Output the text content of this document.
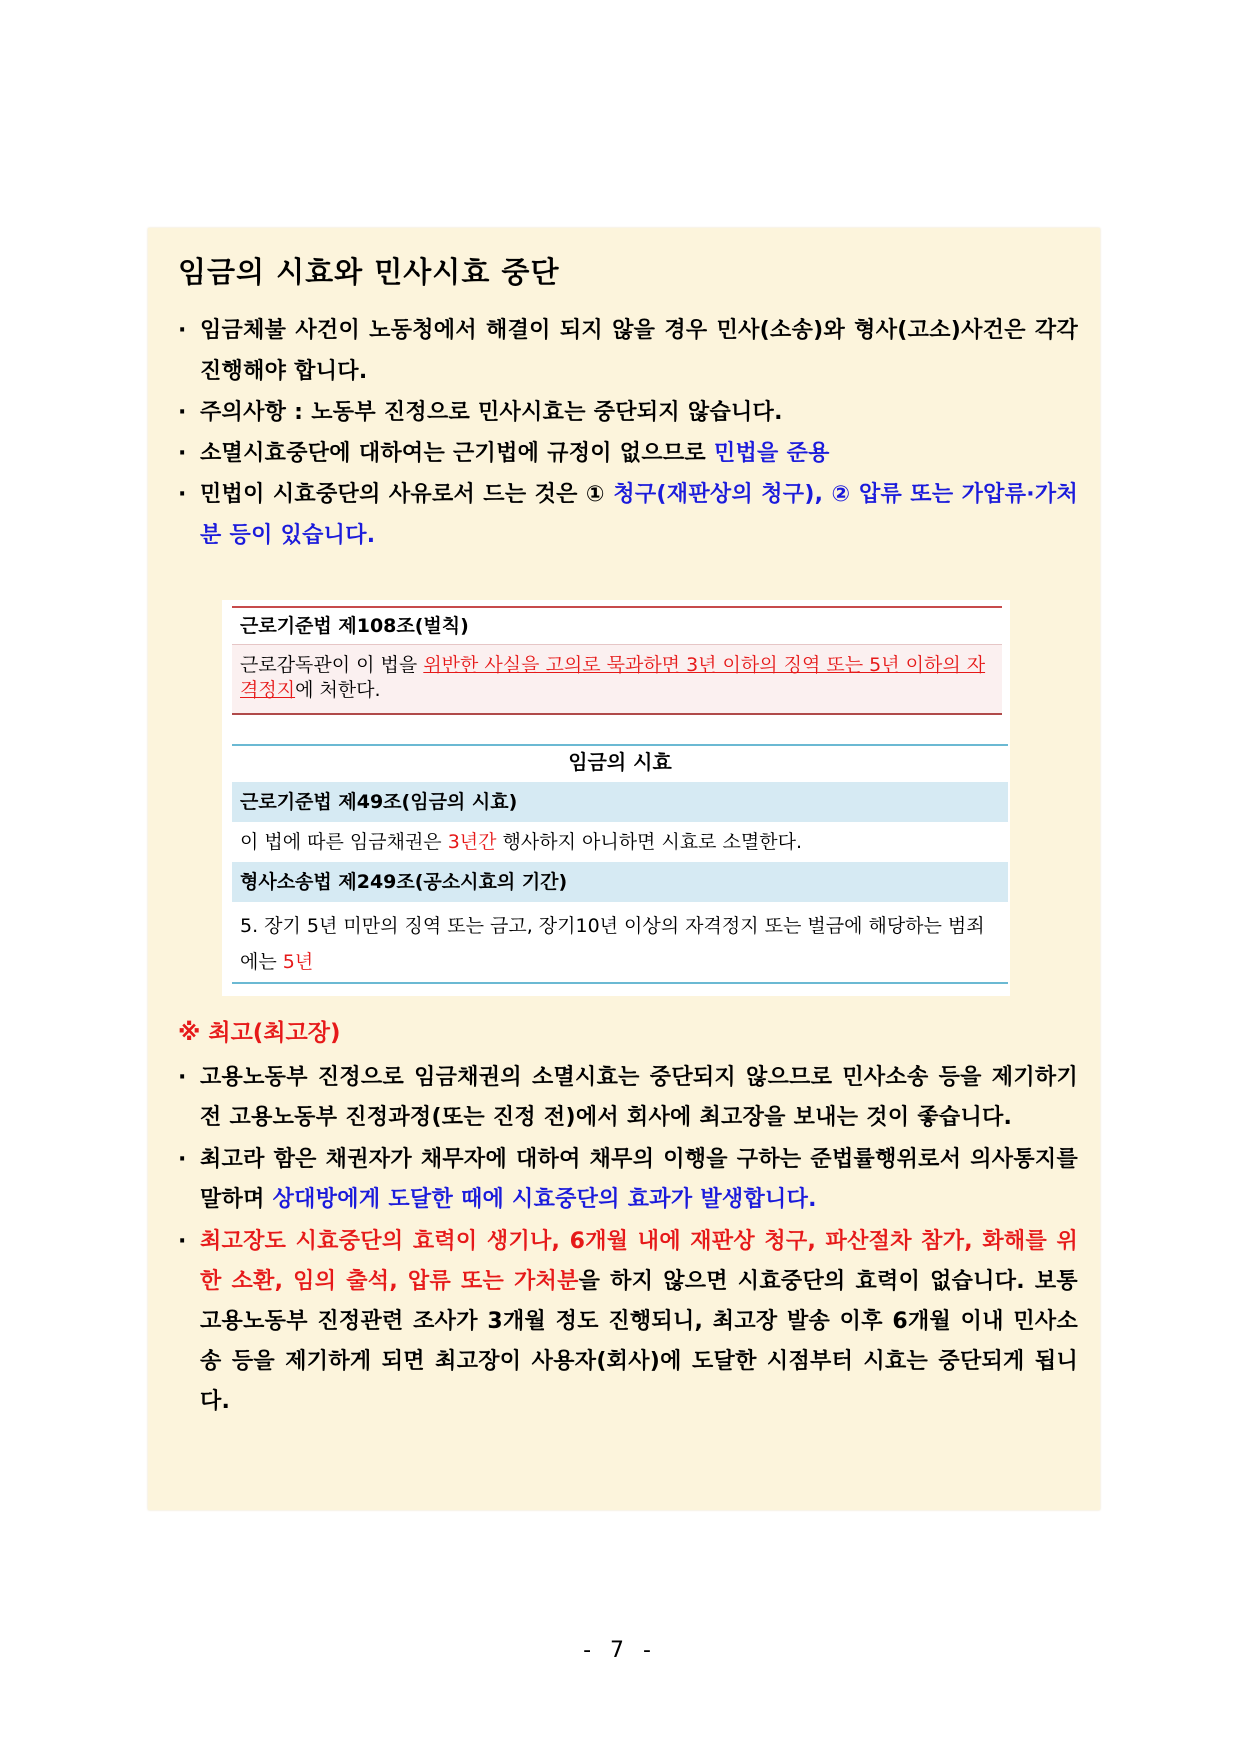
임금의 시효와 민사시효 중단
· 임금체불 사건이 노동청에서 해결이 되지 않을 경우 민사(소송)와 형사(고소)사건은 각각 진행해야 합니다.
· 주의사항 : 노동부 진정으로 민사시효는 중단되지 않습니다.
· 소멸시효중단에 대하여는 근기법에 규정이 없으므로 민법을 준용
· 민법이 시효중단의 사유로서 드는 것은 ① 청구(재판상의 청구), ② 압류 또는 가압류·가처분 등이 있습니다.
근로기준법 제108조(벌칙)
근로감독관이 이 법을 위반한 사실을 고의로 묵과하면 3년 이하의 징역 또는 5년 이하의 자격정지에 처한다.
임금의 시효
근로기준법 제49조(임금의 시효)
이 법에 따른 임금채권은 3년간 행사하지 아니하면 시효로 소멸한다.
형사소송법 제249조(공소시효의 기간)
5. 장기 5년 미만의 징역 또는 금고, 장기10년 이상의 자격정지 또는 벌금에 해당하는 범죄에는 5년
※ 최고(최고장)
· 고용노동부 진정으로 임금채권의 소멸시효는 중단되지 않으므로 민사소송 등을 제기하기 전 고용노동부 진정과정(또는 진정 전)에서 회사에 최고장을 보내는 것이 좋습니다.
· 최고라 함은 채권자가 채무자에 대하여 채무의 이행을 구하는 준법률행위로서 의사통지를 말하며 상대방에게 도달한 때에 시효중단의 효과가 발생합니다.
· 최고장도 시효중단의 효력이 생기나, 6개월 내에 재판상 청구, 파산절차 참가, 화해를 위한 소환, 임의 출석, 압류 또는 가처분을 하지 않으면 시효중단의 효력이 없습니다. 보통 고용노동부 진정관련 조사가 3개월 정도 진행되니, 최고장 발송 이후 6개월 이내 민사소송 등을 제기하게 되면 최고장이 사용자(회사)에 도달한 시점부터 시효는 중단되게 됩니다.
- 7 -
